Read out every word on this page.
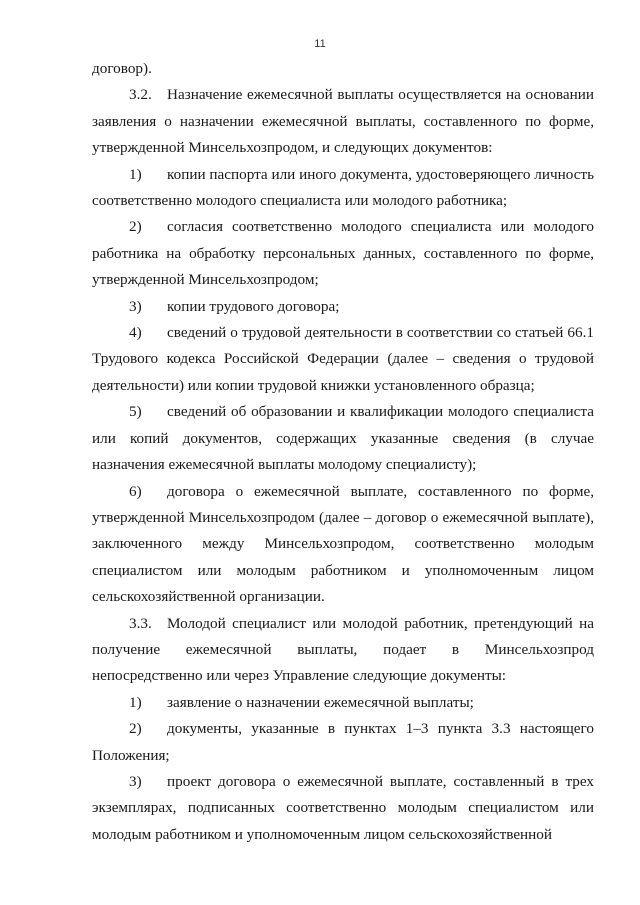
11

договор).

3.2. Назначение ежемесячной выплаты осуществляется на основании заявления о назначении ежемесячной выплаты, составленного по форме, утвержденной Минсельхозпродом, и следующих документов:

1) копии паспорта или иного документа, удостоверяющего личность соответственно молодого специалиста или молодого работника;

2) согласия соответственно молодого специалиста или молодого работника на обработку персональных данных, составленного по форме, утвержденной Минсельхозпродом;

3) копии трудового договора;

4) сведений о трудовой деятельности в соответствии со статьей 66.1 Трудового кодекса Российской Федерации (далее – сведения о трудовой деятельности) или копии трудовой книжки установленного образца;

5) сведений об образовании и квалификации молодого специалиста или копий документов, содержащих указанные сведения (в случае назначения ежемесячной выплаты молодому специалисту);

6) договора о ежемесячной выплате, составленного по форме, утвержденной Минсельхозпродом (далее – договор о ежемесячной выплате), заключенного между Минсельхозпродом, соответственно молодым специалистом или молодым работником и уполномоченным лицом сельскохозяйственной организации.

3.3. Молодой специалист или молодой работник, претендующий на получение ежемесячной выплаты, подает в Минсельхозпрод непосредственно или через Управление следующие документы:

1) заявление о назначении ежемесячной выплаты;

2) документы, указанные в пунктах 1–3 пункта 3.3 настоящего Положения;

3) проект договора о ежемесячной выплате, составленный в трех экземплярах, подписанных соответственно молодым специалистом или молодым работником и уполномоченным лицом сельскохозяйственной
